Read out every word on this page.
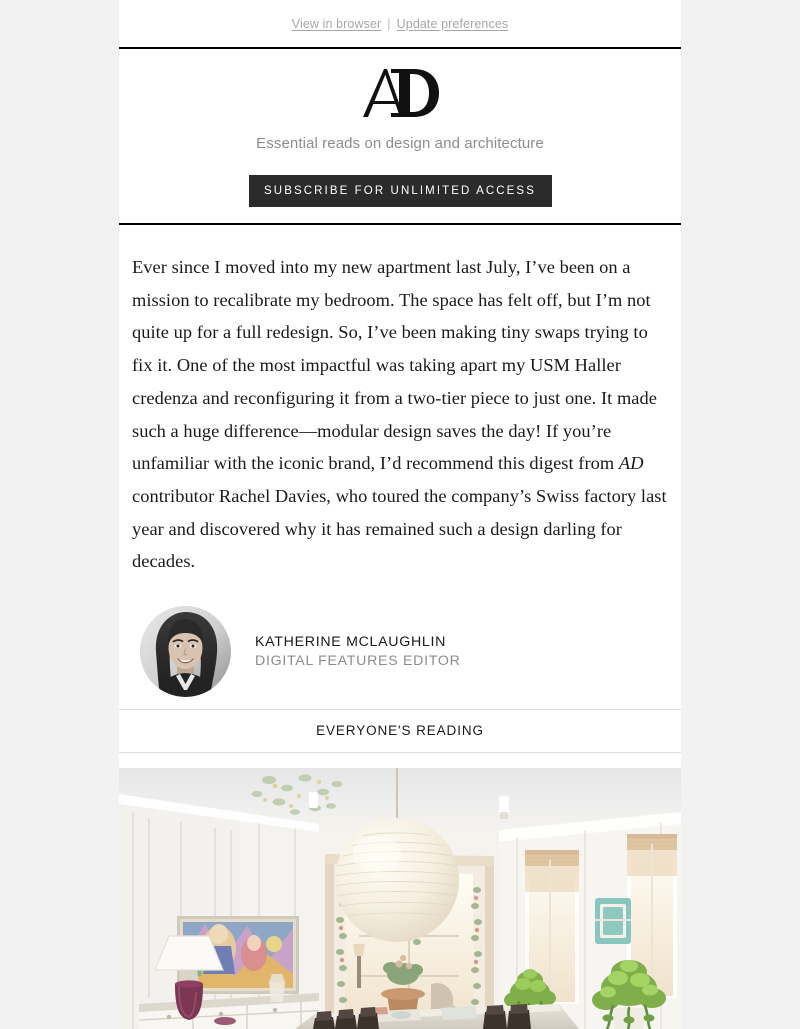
View in browser | Update preferences
Essential reads on design and architecture
SUBSCRIBE FOR UNLIMITED ACCESS

Ever since I moved into my new apartment last July, I’ve been on a mission to recalibrate my bedroom. The space has felt off, but I’m not quite up for a full redesign. So, I’ve been making tiny swaps trying to fix it. One of the most impactful was taking apart my USM Haller credenza and reconfiguring it from a two-tier piece to just one. It made such a huge difference—modular design saves the day! If you’re unfamiliar with the iconic brand, I’d recommend this digest from AD contributor Rachel Davies, who toured the company’s Swiss factory last year and discovered why it has remained such a design darling for decades.

KATHERINE MCLAUGHLIN
DIGITAL FEATURES EDITOR
EVERYONE'S READING
